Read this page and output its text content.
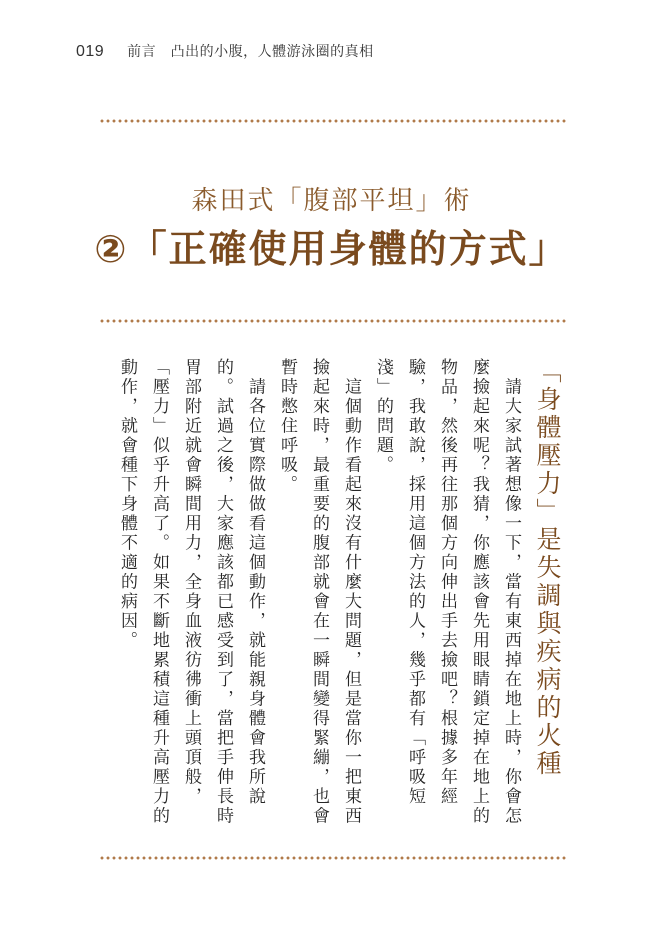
019 前言　凸出的小腹，人體游泳圈的真相
森田式「腹部平坦」術
②「正確使用身體的方式」

「身體壓力」是失調與疾病的火種

　請大家試著想像一下，當有東西掉在地上時，你會怎麼撿起來呢？我猜，你應該會先用眼睛鎖定掉在地上的物品，然後再往那個方向伸出手去撿吧？根據多年經驗，我敢說，採用這個方法的人，幾乎都有「呼吸短淺」的問題。

　這個動作看起來沒有什麼大問題，但是當你一把東西撿起來時，最重要的腹部就會在一瞬間變得緊繃，也會暫時憋住呼吸。

　請各位實際做做看這個動作，就能親身體會我所說的。試過之後，大家應該都已感受到了，當把手伸長時胃部附近就會瞬間用力，全身血液彷彿衝上頭頂般，「壓力」似乎升高了。如果不斷地累積這種升高壓力的動作，就會種下身體不適的病因。
